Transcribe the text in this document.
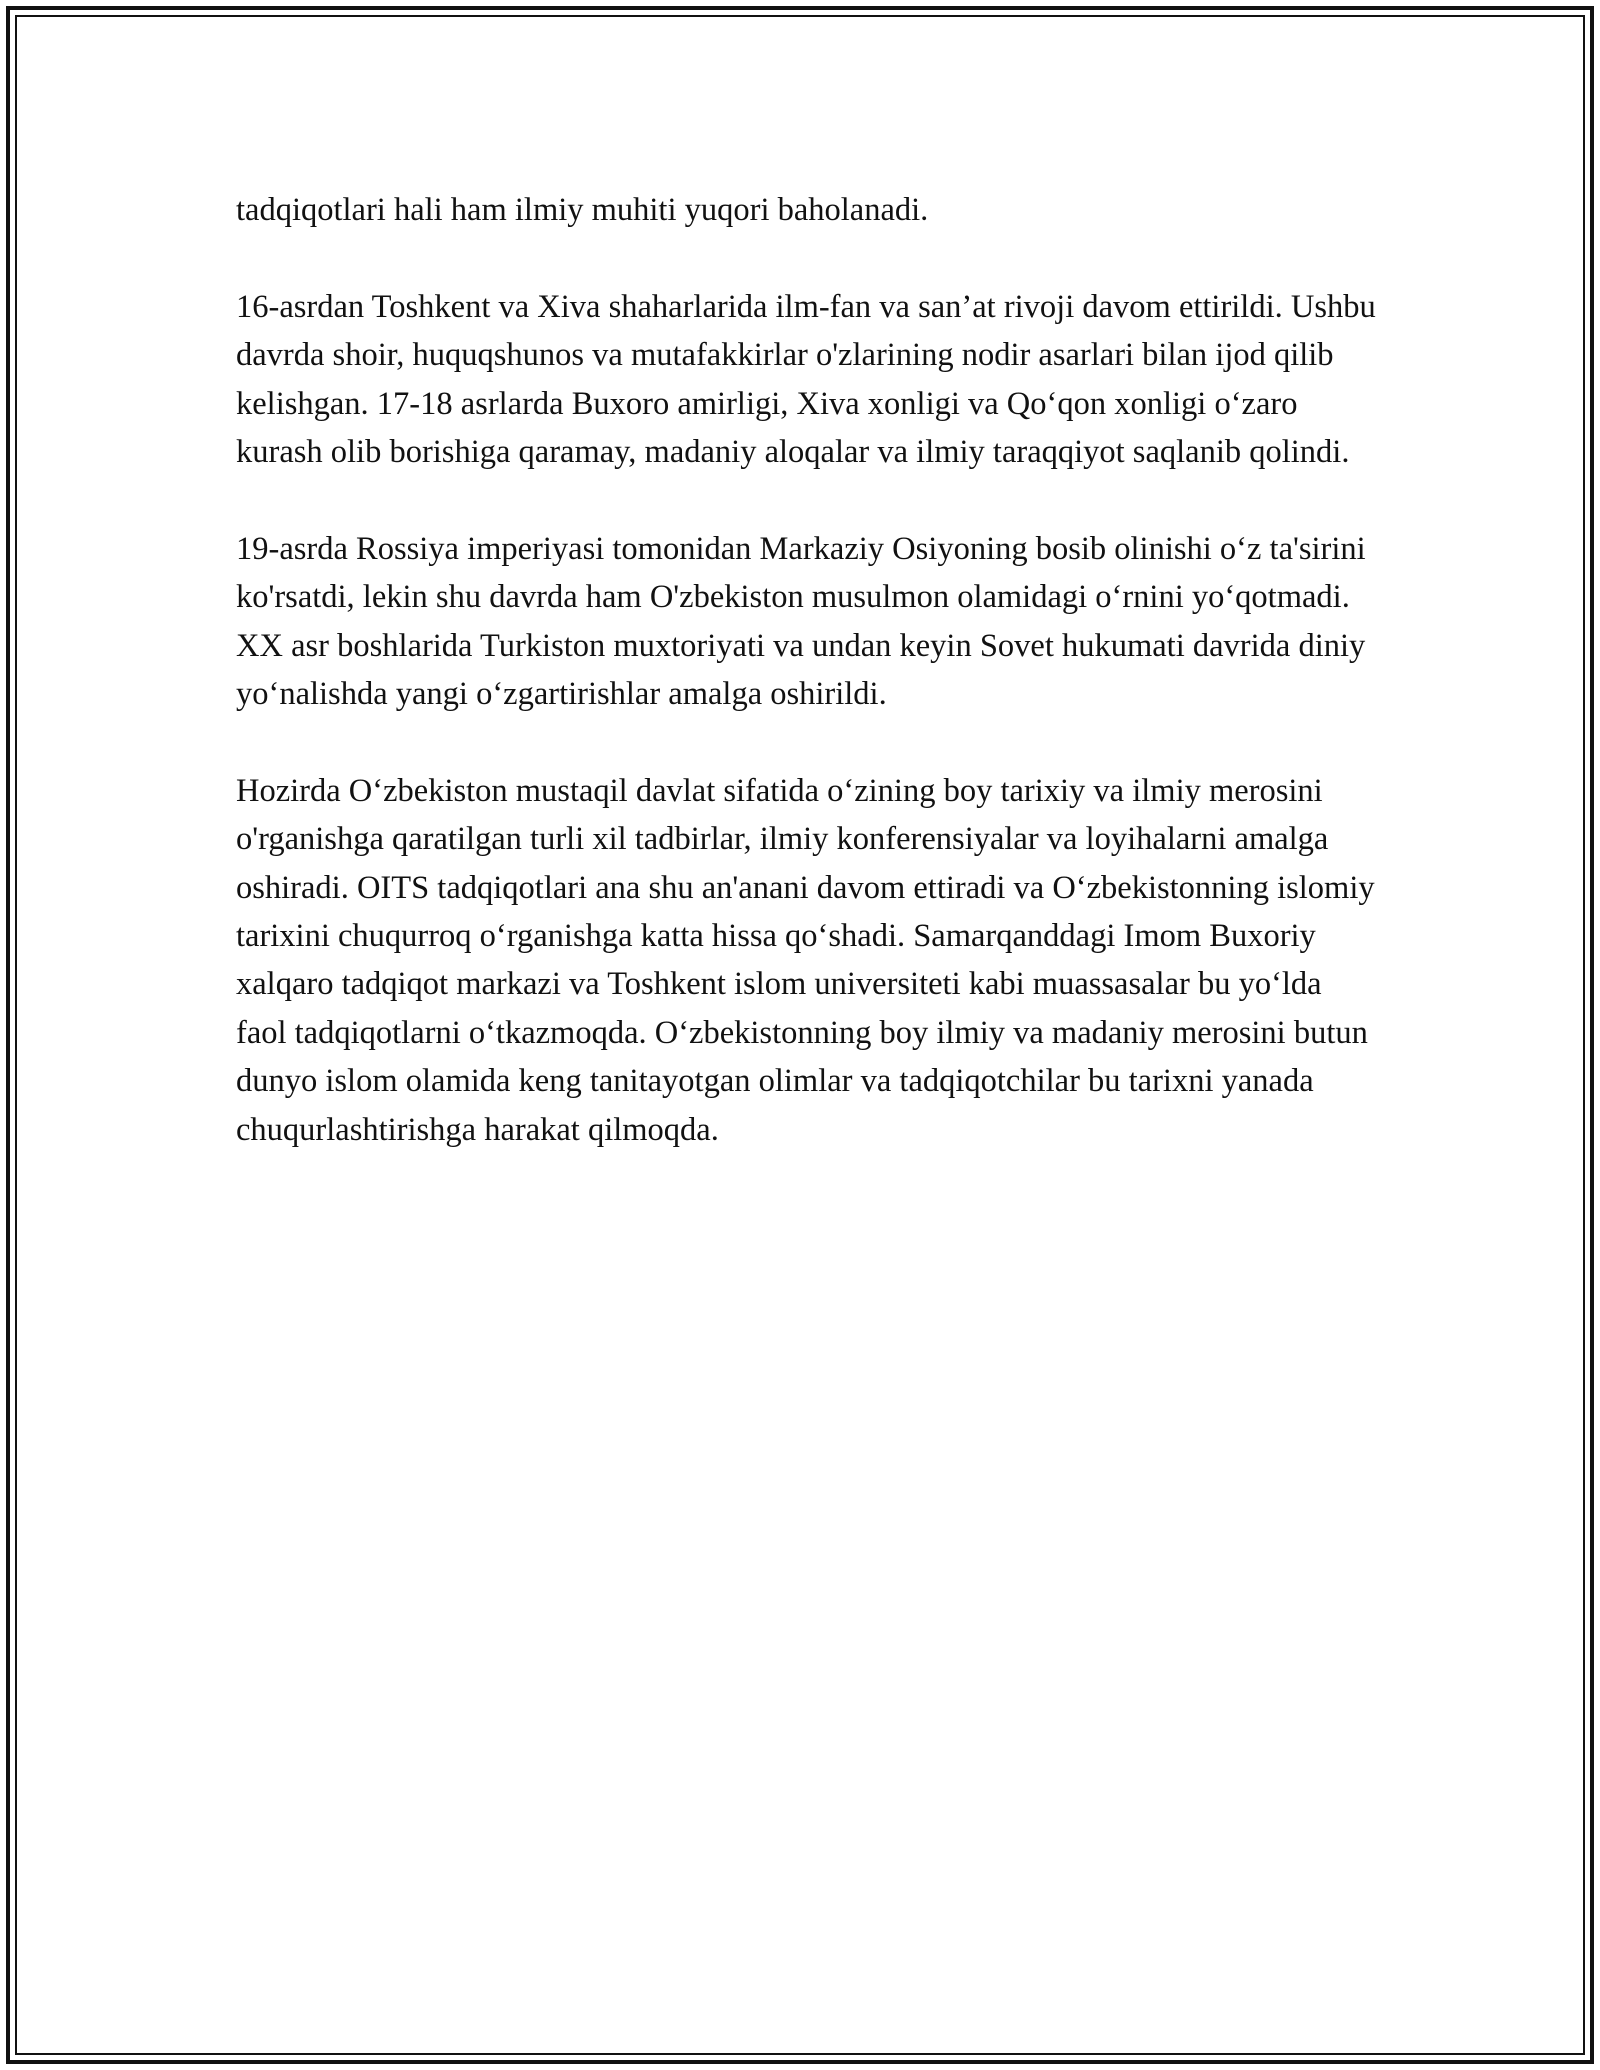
tadqiqotlari hali ham ilmiy muhiti yuqori baholanadi.

16-asrdan Toshkent va Xiva shaharlarida ilm-fan va san’at rivoji davom ettirildi. Ushbu davrda shoir, huquqshunos va mutafakkirlar o'zlarining nodir asarlari bilan ijod qilib kelishgan. 17-18 asrlarda Buxoro amirligi, Xiva xonligi va Qo‘qon xonligi o‘zaro kurash olib borishiga qaramay, madaniy aloqalar va ilmiy taraqqiyot saqlanib qolindi.

19-asrda Rossiya imperiyasi tomonidan Markaziy Osiyoning bosib olinishi o‘z ta'sirini ko'rsatdi, lekin shu davrda ham O'zbekiston musulmon olamidagi o‘rnini yo‘qotmadi. XX asr boshlarida Turkiston muxtoriyati va undan keyin Sovet hukumati davrida diniy yo‘nalishda yangi o‘zgartirishlar amalga oshirildi.

Hozirda O‘zbekiston mustaqil davlat sifatida o‘zining boy tarixiy va ilmiy merosini o'rganishga qaratilgan turli xil tadbirlar, ilmiy konferensiyalar va loyihalarni amalga oshiradi. OITS tadqiqotlari ana shu an'anani davom ettiradi va O‘zbekistonning islomiy tarixini chuqurroq o‘rganishga katta hissa qo‘shadi. Samarqanddagi Imom Buxoriy xalqaro tadqiqot markazi va Toshkent islom universiteti kabi muassasalar bu yo‘lda faol tadqiqotlarni o‘tkazmoqda. O‘zbekistonning boy ilmiy va madaniy merosini butun dunyo islom olamida keng tanitayotgan olimlar va tadqiqotchilar bu tarixni yanada chuqurlashtirishga harakat qilmoqda.
